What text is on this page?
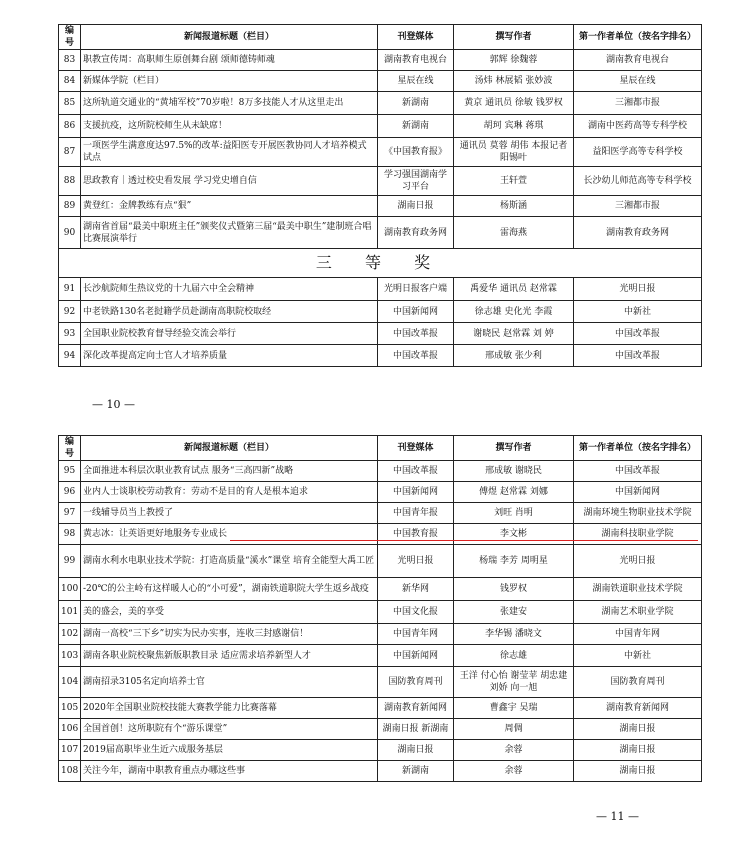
编号	新闻报道标题（栏目）	刊登媒体	撰写作者	第一作者单位（按名字排名）
83	职教宣传周：高职师生原创舞台剧 颂师德铸师魂	湖南教育电视台	郭辉 徐魏蓉	湖南教育电视台
84	新媒体学院（栏目）	星辰在线	汤炜 林展韬 张妙波	星辰在线
85	这所轨道交通业的“黄埔军校”70岁啦！8万多技能人才从这里走出	新湖南	黄京 通讯员 徐敏 钱罗权	三湘都市报
86	支援抗疫，这所院校师生从未缺席！	新湖南	胡珂 宾琳 蒋琪	湖南中医药高等专科学校
87	一项医学生满意度达97.5%的改革:益阳医专开展医教协同人才培养模式试点	《中国教育报》	通讯员 莫蓉 胡伟 本报记者 阳锡叶	益阳医学高等专科学校
88	思政教育｜透过校史看发展 学习党史增自信	学习强国湖南学习平台	王轩萱	长沙幼儿师范高等专科学校
89	黄登红：金牌教练有点“狠”	湖南日报	杨斯涵	三湘都市报
90	湖南省首届“最美中职班主任”颁奖仪式暨第三届“最美中职生”建制班合唱比赛展演举行	湖南教育政务网	雷海燕	湖南教育政务网
三 等 奖				
91	长沙航院师生热议党的十九届六中全会精神	光明日报客户端	禹爱华 通讯员 赵常霖	光明日报
92	中老铁路130名老挝籍学员赴湖南高职院校取经	中国新闻网	徐志雄 史化光 李霞	中新社
93	全国职业院校教育督导经验交流会举行	中国改革报	谢晓民 赵常霖 刘 婷	中国改革报
94	深化改革提高定向士官人才培养质量	中国改革报	邢成敏 张少利	中国改革报
— 10 —
编号	新闻报道标题（栏目）	刊登媒体	撰写作者	第一作者单位（按名字排名）
95	全面推进本科层次职业教育试点 服务“三高四新”战略	中国改革报	邢成敏 谢晓民	中国改革报
96	业内人士谈职校劳动教育：劳动不是目的育人是根本追求	中国新闻网	傅煜 赵常霖 刘娜	中国新闻网
97	一线辅导员当上教授了	中国青年报	刘旺 肖明	湖南环境生物职业技术学院
98	黄志冰：让英语更好地服务专业成长	中国教育报	李文彬	湖南科技职业学院
99	湖南水利水电职业技术学院：打造高质量“溪水”课堂 培育全能型大禹工匠	光明日报	杨瑞 李芳 周明星	光明日报
100	-20℃的公主岭有这样暖人心的“小可爱”，湖南铁道职院大学生返乡战疫	新华网	钱罗权	湖南铁道职业技术学院
101	美的盛会，美的享受	中国文化报	张建安	湖南艺术职业学院
102	湖南一高校“三下乡”切实为民办实事，连收三封感谢信！	中国青年网	李华锡 潘晓文	中国青年网
103	湖南各职业院校聚焦新版职教目录 适应需求培养新型人才	中国新闻网	徐志雄	中新社
104	湖南招录3105名定向培养士官	国防教育周刊	王洋 付心怡 谢莹苹 胡忠建 刘娇 向一旭	国防教育周刊
105	2020年全国职业院校技能大赛教学能力比赛落幕	湖南教育新闻网	曹鑫宇 吴瑞	湖南教育新闻网
106	全国首创！这所职院有个“游乐课堂”	湖南日报 新湖南	周倜	湖南日报
107	2019届高职毕业生近六成服务基层	湖南日报	余蓉	湖南日报
108	关注今年，湖南中职教育重点办哪这些事	新湖南	余蓉	湖南日报
— 11 —
